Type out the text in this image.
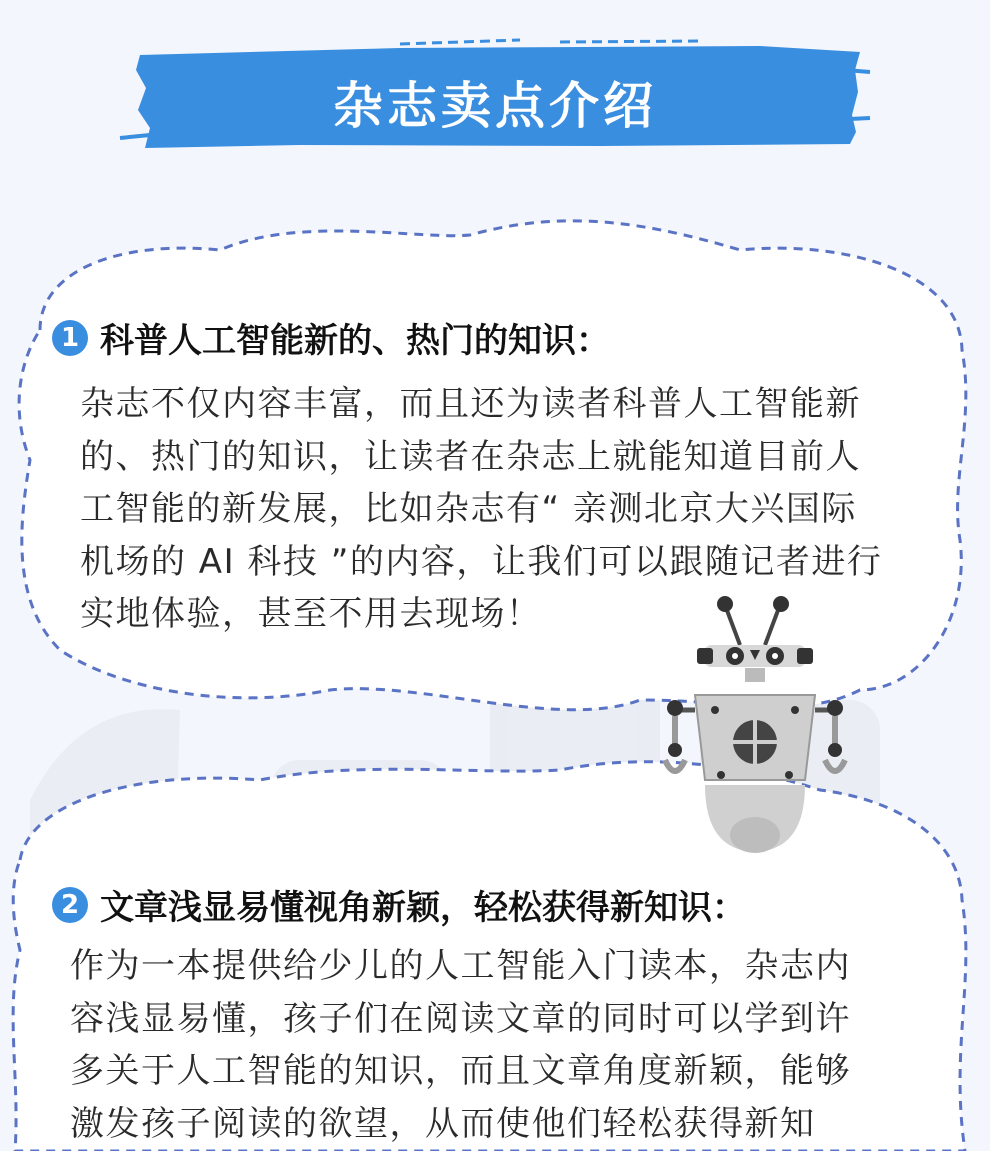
杂志卖点介绍
1 科普人工智能新的、热门的知识：
杂志不仅内容丰富，而且还为读者科普人工智能新
的、热门的知识，让读者在杂志上就能知道目前人
工智能的新发展，比如杂志有“ 亲测北京大兴国际
机场的 AI 科技 ”的内容，让我们可以跟随记者进行
实地体验，甚至不用去现场！
2 文章浅显易懂视角新颖，轻松获得新知识：
作为一本提供给少儿的人工智能入门读本，杂志内
容浅显易懂，孩子们在阅读文章的同时可以学到许
多关于人工智能的知识，而且文章角度新颖，能够
激发孩子阅读的欲望，从而使他们轻松获得新知
